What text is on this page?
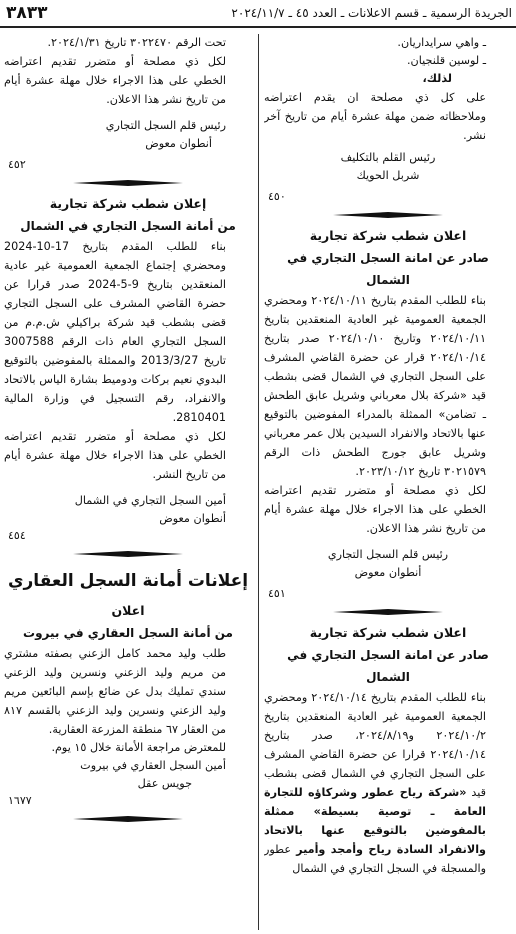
الجريدة الرسمية ـ قسم الاعلانات ـ العدد ٤٥ ـ ٢٠٢٤/١١/٧
٣٨٣٣
ـ واهي سرايداريان.
ـ لوسين قلنجيان.
لذلك،

على كل ذي مصلحة ان يقدم اعتراضه وملاحظاته ضمن مهلة عشرة أيام من تاريخ آخر نشر.

رئيس القلم بالتكليف
شربل الحويك
٤٥٠
اعلان شطب شركة تجارية
صادر عن امانة السجل التجاري في الشمال

بناء للطلب المقدم بتاريخ ٢٠٢٤/١٠/١١ ومحضري الجمعية العمومية غير العادية المنعقدين بتاريخ ٢٠٢٤/١٠/١١ وتاريخ ٢٠٢٤/١٠/١٠ صدر بتاريخ ٢٠٢٤/١٠/١٤ قرار عن حضرة القاضي المشرف على السجل التجاري في الشمال قضى بشطب قيد «شركة بلال معرباني وشريل عابق الطحش ـ تضامن» الممثلة بالمدراء المفوضين بالتوقيع عنها بالاتحاد والانفراد السيدين بلال عمر معرباني وشريل عابق جورج الطحش ذات الرقم ٣٠٢١٥٧٩ تاريخ ٢٠٢٣/١٠/١٢.

لكل ذي مصلحة أو متضرر تقديم اعتراضه الخطي على هذا الاجراء خلال مهلة عشرة أيام من تاريخ نشر هذا الاعلان.

رئيس قلم السجل التجاري
أنطوان معوض
٤٥١
اعلان شطب شركة تجارية
صادر عن امانة السجل التجاري في الشمال

بناء للطلب المقدم بتاريخ ٢٠٢٤/١٠/١٤ ومحضري الجمعية العمومية غير العادية المنعقدين بتاريخ ٢٠٢٤/١٠/٢ و٢٠٢٤/٨/١٩، صدر بتاريخ ٢٠٢٤/١٠/١٤ قرارا عن حضرة القاضي المشرف على السجل التجاري في الشمال قضى بشطب قيد «شركة رياح عطور وشركاؤه للتجارة العامة ـ توصية بسيطة» ممثلة بالمفوضين بالتوقيع عنها بالاتحاد والانفراد السادة رياح وأمجد وأمير عطور والمسجلة في السجل التجاري في الشمال

تحت الرقم ٣٠٢٢٤٧٠ تاريخ ٢٠٢٤/١/٣١.

لكل ذي مصلحة أو متضرر تقديم اعتراضه الخطي على هذا الاجراء خلال مهلة عشرة أيام من تاريخ نشر هذا الاعلان.

رئيس قلم السجل التجاري
أنطوان معوض
٤٥٢
إعلان شطب شركة تجارية
من أمانة السجل التجاري في الشمال

بناء للطلب المقدم بتاريخ 17-10-2024 ومحضري إجتماع الجمعية العمومية غير عادية المنعقدين بتاريخ 9-5-2024 صدر قرارا عن حضرة القاضي المشرف على السجل التجاري قضى بشطب قيد شركة براكيلي ش.م.م من السجل التجاري العام ذات الرقم 3007588 تاريخ 2013/3/27 والممثلة بالمفوضين بالتوقيع البدوي نعيم بركات ودوميط بشارة الياس بالاتحاد والانفراد، رقم التسجيل في وزارة المالية 2810401.

لكل ذي مصلحة أو متضرر تقديم اعتراضه الخطي على هذا الاجراء خلال مهلة عشرة أيام من تاريخ النشر.

أمين السجل التجاري في الشمال
أنطوان معوض
٤٥٤
إعلانات أمانة السجل العقاري
اعلان
من أمانة السجل العقاري في بيروت

طلب وليد محمد كامل الزعني بصفته مشتري من مريم وليد الزعني ونسرين وليد الزعني سندي تمليك بدل عن ضائع بإسم البائعين مريم وليد الزعني ونسرين وليد الزعني بالقسم ٨١٧ من العقار ٦٧ منطقة المزرعة العقارية.

للمعترض مراجعة الأمانة خلال ١٥ يوم.
أمين السجل العقاري في بيروت
جويس عقل
١٦٧٧
